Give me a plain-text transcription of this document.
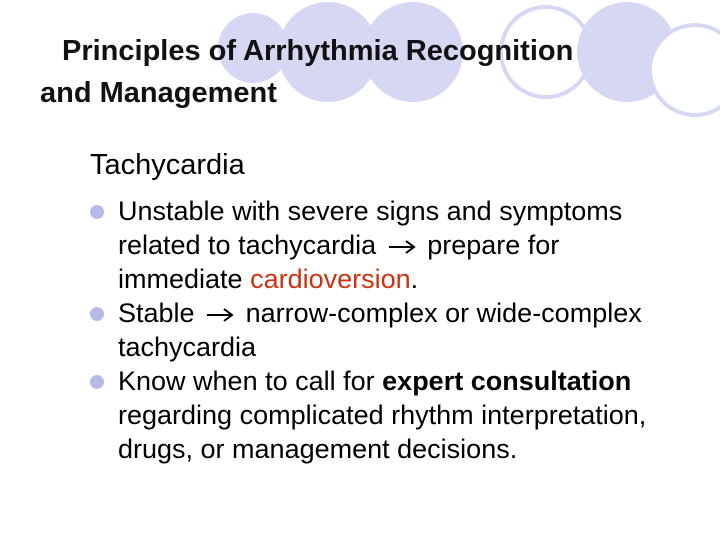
Principles of Arrhythmia Recognition
and Management
Tachycardia
Unstable with severe signs and symptoms related to tachycardia prepare for immediate cardioversion.
Stable narrow-complex or wide-complex tachycardia
Know when to call for expert consultation regarding complicated rhythm interpretation, drugs, or management decisions.
